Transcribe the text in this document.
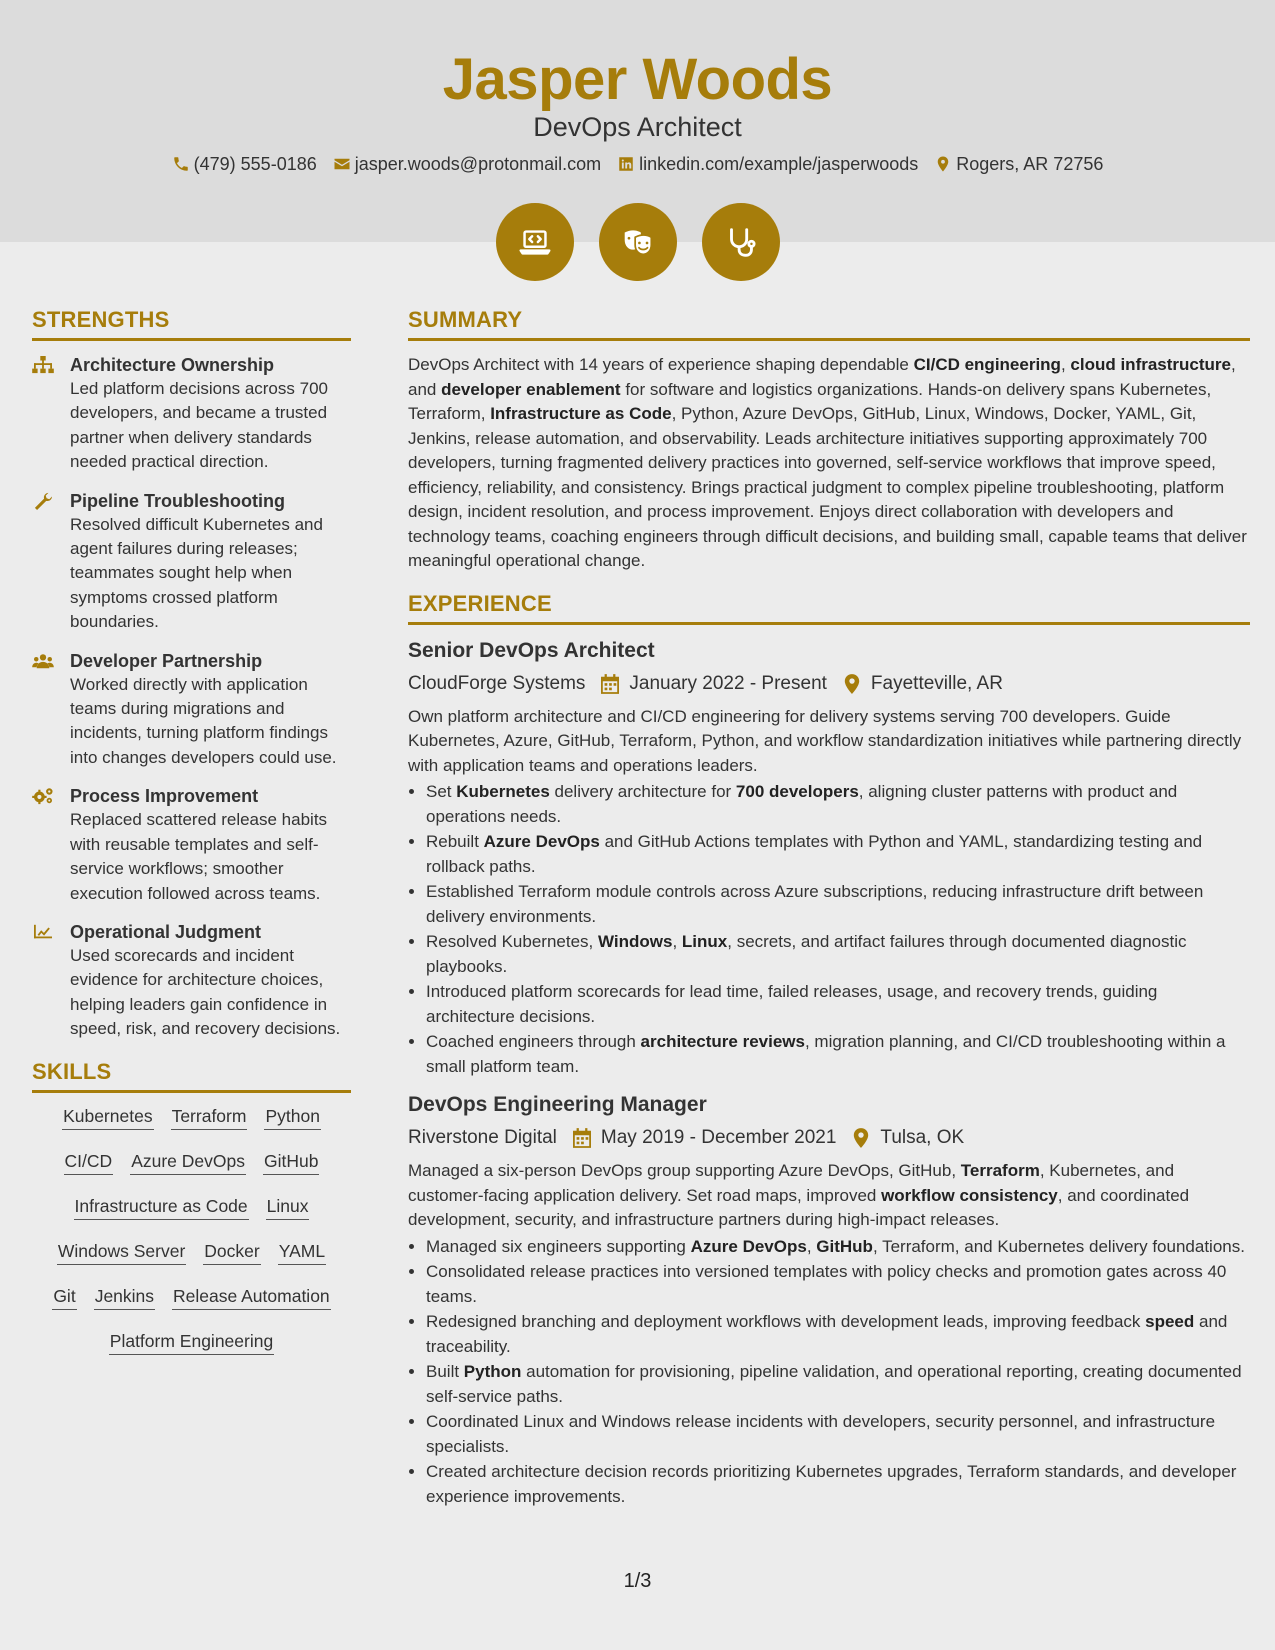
Jasper Woods
DevOps Architect
(479) 555-0186 jasper.woods@protonmail.com linkedin.com/example/jasperwoods Rogers, AR 72756
STRENGTHS
Architecture Ownership
Led platform decisions across 700 developers, and became a trusted partner when delivery standards needed practical direction.
Pipeline Troubleshooting
Resolved difficult Kubernetes and agent failures during releases; teammates sought help when symptoms crossed platform boundaries.
Developer Partnership
Worked directly with application teams during migrations and incidents, turning platform findings into changes developers could use.
Process Improvement
Replaced scattered release habits with reusable templates and self-service workflows; smoother execution followed across teams.
Operational Judgment
Used scorecards and incident evidence for architecture choices, helping leaders gain confidence in speed, risk, and recovery decisions.
SKILLS
Kubernetes Terraform Python
CI/CD Azure DevOps GitHub
Infrastructure as Code Linux
Windows Server Docker YAML
Git Jenkins Release Automation
Platform Engineering
SUMMARY

DevOps Architect with 14 years of experience shaping dependable CI/CD engineering, cloud infrastructure, and developer enablement for software and logistics organizations. Hands-on delivery spans Kubernetes, Terraform, Infrastructure as Code, Python, Azure DevOps, GitHub, Linux, Windows, Docker, YAML, Git, Jenkins, release automation, and observability. Leads architecture initiatives supporting approximately 700 developers, turning fragmented delivery practices into governed, self-service workflows that improve speed, efficiency, reliability, and consistency. Brings practical judgment to complex pipeline troubleshooting, platform design, incident resolution, and process improvement. Enjoys direct collaboration with developers and technology teams, coaching engineers through difficult decisions, and building small, capable teams that deliver meaningful operational change.

EXPERIENCE
Senior DevOps Architect
CloudForge Systems January 2022 - Present Fayetteville, AR

Own platform architecture and CI/CD engineering for delivery systems serving 700 developers. Guide Kubernetes, Azure, GitHub, Terraform, Python, and workflow standardization initiatives while partnering directly with application teams and operations leaders.

• Set Kubernetes delivery architecture for 700 developers, aligning cluster patterns with product and operations needs.
• Rebuilt Azure DevOps and GitHub Actions templates with Python and YAML, standardizing testing and rollback paths.
• Established Terraform module controls across Azure subscriptions, reducing infrastructure drift between delivery environments.
• Resolved Kubernetes, Windows, Linux, secrets, and artifact failures through documented diagnostic playbooks.
• Introduced platform scorecards for lead time, failed releases, usage, and recovery trends, guiding architecture decisions.
• Coached engineers through architecture reviews, migration planning, and CI/CD troubleshooting within a small platform team.
DevOps Engineering Manager
Riverstone Digital May 2019 - December 2021 Tulsa, OK

Managed a six-person DevOps group supporting Azure DevOps, GitHub, Terraform, Kubernetes, and customer-facing application delivery. Set road maps, improved workflow consistency, and coordinated development, security, and infrastructure partners during high-impact releases.

• Managed six engineers supporting Azure DevOps, GitHub, Terraform, and Kubernetes delivery foundations.
• Consolidated release practices into versioned templates with policy checks and promotion gates across 40 teams.
• Redesigned branching and deployment workflows with development leads, improving feedback speed and traceability.
• Built Python automation for provisioning, pipeline validation, and operational reporting, creating documented self-service paths.
• Coordinated Linux and Windows release incidents with developers, security personnel, and infrastructure specialists.
• Created architecture decision records prioritizing Kubernetes upgrades, Terraform standards, and developer experience improvements.
1/3
